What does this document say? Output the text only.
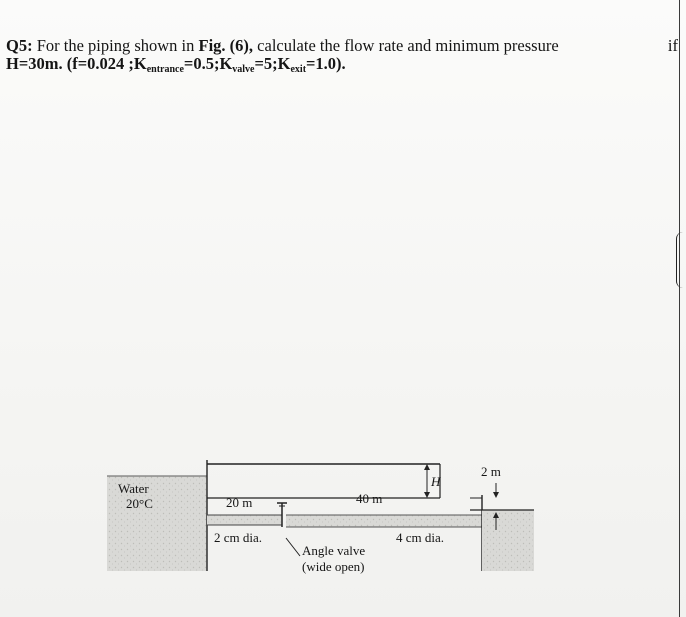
Q5: For the piping shown in Fig. (6), calculate the flow rate and minimum pressure	if
H=30m. (f=0.024 $;K_{entrance}=0.5;K_{valve}=5;K_{exit}=1.0$).
Water
20°C	20 m	40 m
H
2 m
2 cm dia.	4 cm dia.
Angle valve
(wide open)
